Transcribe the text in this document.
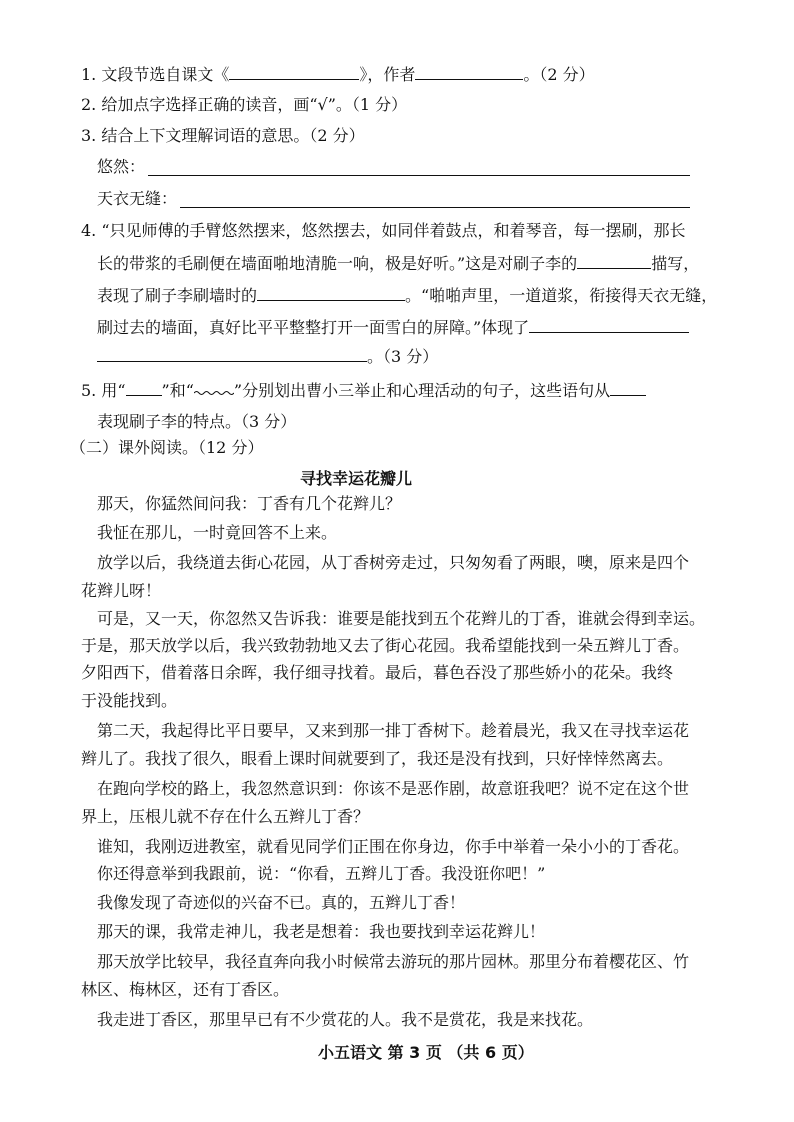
1. 文段节选自课文《	》，作者	。（2 分）
2. 给加点字选择正确的读音，画“√”。（1 分）
3. 结合上下文理解词语的意思。（2 分）
悠然：
天衣无缝：
4. “只见师傅的手臂悠然摆来，悠然摆去，如同伴着鼓点，和着琴音，每一摆刷，那长
长的带浆的毛刷便在墙面啪地清脆一响，极是好听。”这是对刷子李的	描写，
表现了刷子李刷墙时的	。“啪啪声里，一道道浆，衔接得天衣无缝，
刷过去的墙面，真好比平平整整打开一面雪白的屏障。”体现了
。（3 分）
5. 用“ ”和“	”分别划出曹小三举止和心理活动的句子，这些语句从
表现刷子李的特点。（3 分）
（二）课外阅读。（12 分）
寻找幸运花瓣儿
那天，你猛然间问我：丁香有几个花辫儿？
我怔在那儿，一时竟回答不上来。
放学以后，我绕道去街心花园，从丁香树旁走过，只匆匆看了两眼，噢，原来是四个
花辫儿呀！
可是，又一天，你忽然又告诉我：谁要是能找到五个花辫儿的丁香，谁就会得到幸运。
于是，那天放学以后，我兴致勃勃地又去了街心花园。我希望能找到一朵五辫儿丁香。
夕阳西下，借着落日余晖，我仔细寻找着。最后，暮色吞没了那些娇小的花朵。我终
于没能找到。
第二天，我起得比平日要早，又来到那一排丁香树下。趁着晨光，我又在寻找幸运花
辫儿了。我找了很久，眼看上课时间就要到了，我还是没有找到，只好悻悻然离去。
在跑向学校的路上，我忽然意识到：你该不是恶作剧，故意诳我吧？说不定在这个世
界上，压根儿就不存在什么五辫儿丁香？
谁知，我刚迈进教室，就看见同学们正围在你身边，你手中举着一朵小小的丁香花。
你还得意举到我跟前，说：“你看，五辫儿丁香。我没诳你吧！”
我像发现了奇迹似的兴奋不已。真的，五辫儿丁香！
那天的课，我常走神儿，我老是想着：我也要找到幸运花辫儿！
那天放学比较早，我径直奔向我小时候常去游玩的那片园林。那里分布着樱花区、竹
林区、梅林区，还有丁香区。
我走进丁香区，那里早已有不少赏花的人。我不是赏花，我是来找花。
小五语文 第 3 页 （共 6 页）
